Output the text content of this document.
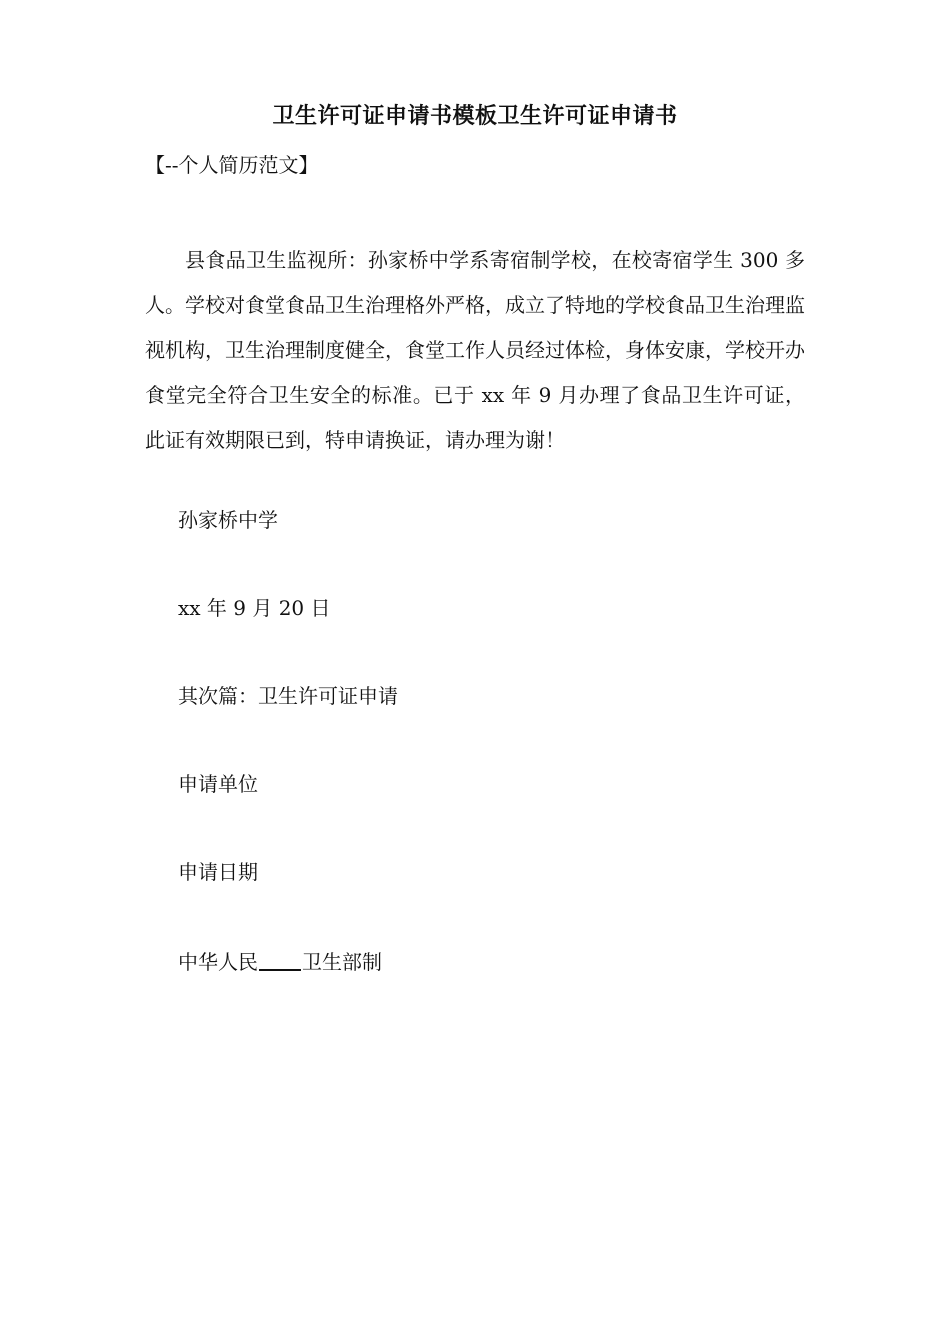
卫生许可证申请书模板卫生许可证申请书
【--个人简历范文】

县食品卫生监视所：孙家桥中学系寄宿制学校，在校寄宿学生 300 多人。学校对食堂食品卫生治理格外严格，成立了特地的学校食品卫生治理监视机构，卫生治理制度健全，食堂工作人员经过体检，身体安康，学校开办食堂完全符合卫生安全的标准。已于 xx 年 9 月办理了食品卫生许可证，此证有效期限已到，特申请换证，请办理为谢！

孙家桥中学
xx 年 9 月 20 日
其次篇：卫生许可证申请
申请单位
申请日期
中华人民 卫生部制
